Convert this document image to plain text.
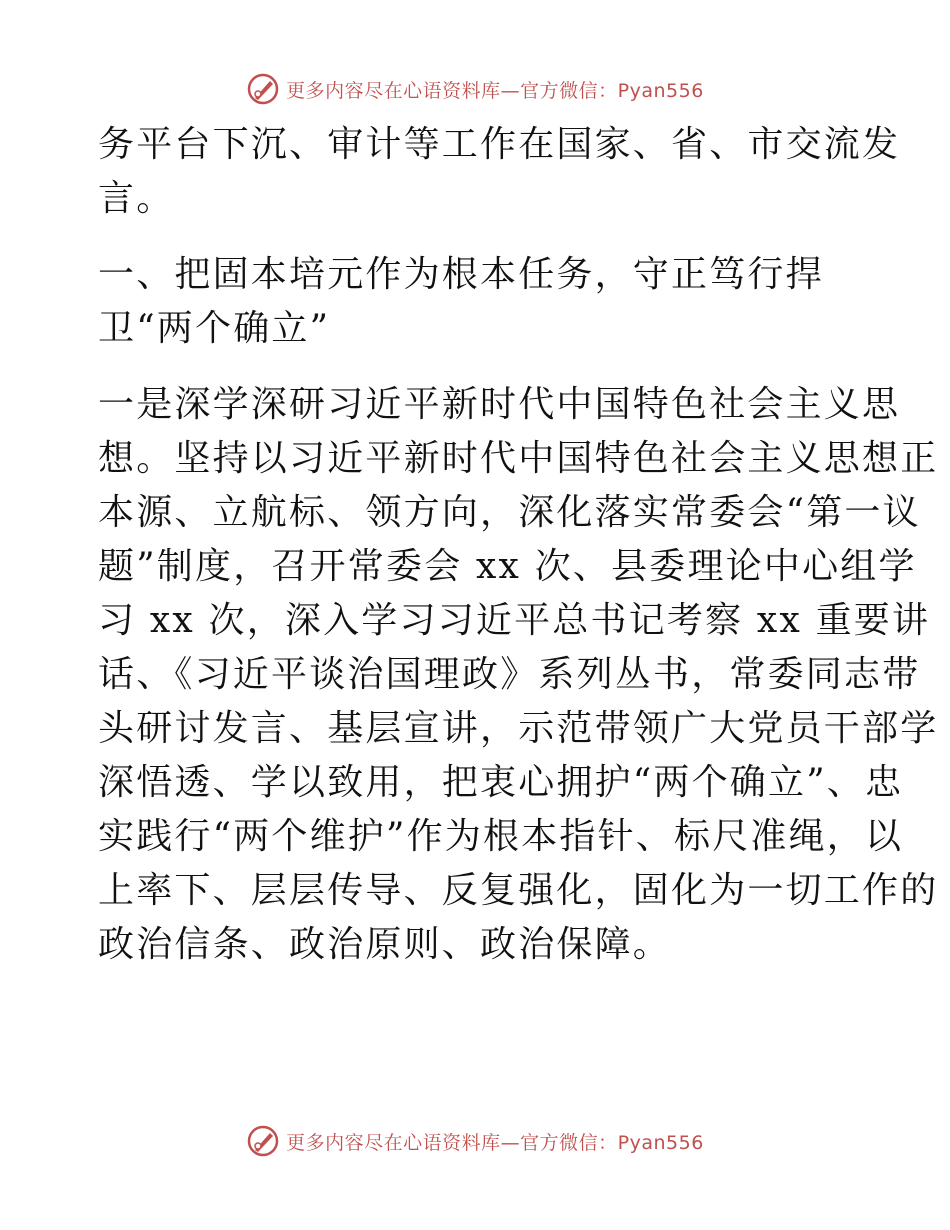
更多内容尽在心语资料库—官方微信：Pyan556
务平台下沉、审计等工作在国家、省、市交流发
言。
一、把固本培元作为根本任务，守正笃行捍
卫“两个确立”
一是深学深研习近平新时代中国特色社会主义思
想。坚持以习近平新时代中国特色社会主义思想正
本源、立航标、领方向，深化落实常委会“第一议
题”制度，召开常委会 xx 次、县委理论中心组学
习 xx 次，深入学习习近平总书记考察 xx 重要讲
话、《习近平谈治国理政》系列丛书，常委同志带
头研讨发言、基层宣讲，示范带领广大党员干部学
深悟透、学以致用，把衷心拥护“两个确立”、忠
实践行“两个维护”作为根本指针、标尺准绳，以
上率下、层层传导、反复强化，固化为一切工作的
政治信条、政治原则、政治保障。
更多内容尽在心语资料库—官方微信：Pyan556
